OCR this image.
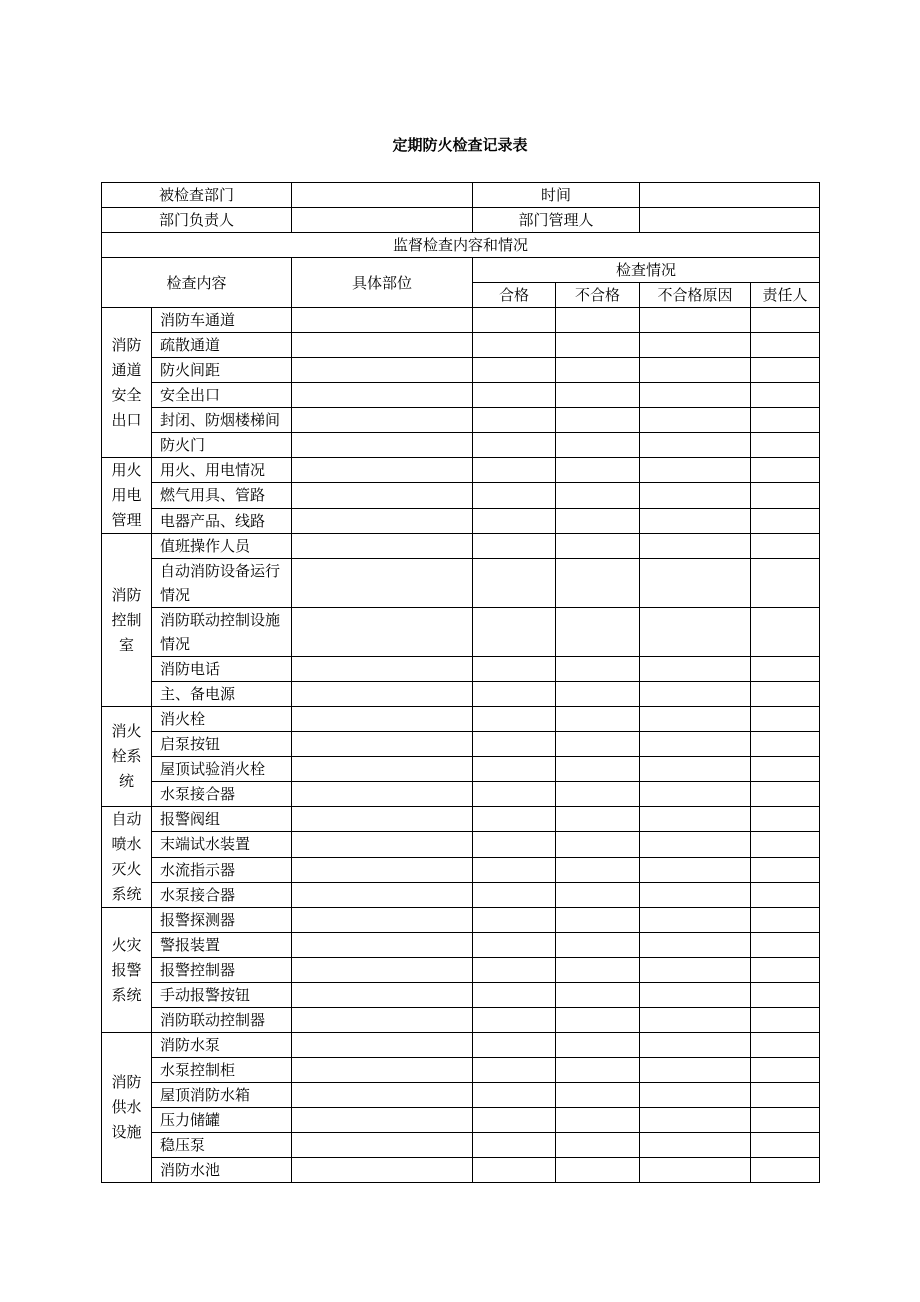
定期防火检查记录表
被检查部门			时间			
部门负责人			部门管理人			
监督检查内容和情况						
检查内容		具体部位	检查情况			
			合格	不合格	不合格原因	责任人
消防通道安全出口	消防车通道					
	疏散通道					
	防火间距					
	安全出口					
	封闭、防烟楼梯间					
	防火门					
用火用电管理	用火、用电情况					
	燃气用具、管路					
	电器产品、线路					
消防控制室	值班操作人员					
	自动消防设备运行情况					
	消防联动控制设施情况					
	消防电话					
	主、备电源					
消火栓系统	消火栓					
	启泵按钮					
	屋顶试验消火栓					
	水泵接合器					
自动喷水灭火系统	报警阀组					
	末端试水装置					
	水流指示器					
	水泵接合器					
火灾报警系统	报警探测器					
	警报装置					
	报警控制器					
	手动报警按钮					
	消防联动控制器					
消防供水设施	消防水泵					
	水泵控制柜					
	屋顶消防水箱					
	压力储罐					
	稳压泵					
	消防水池					
